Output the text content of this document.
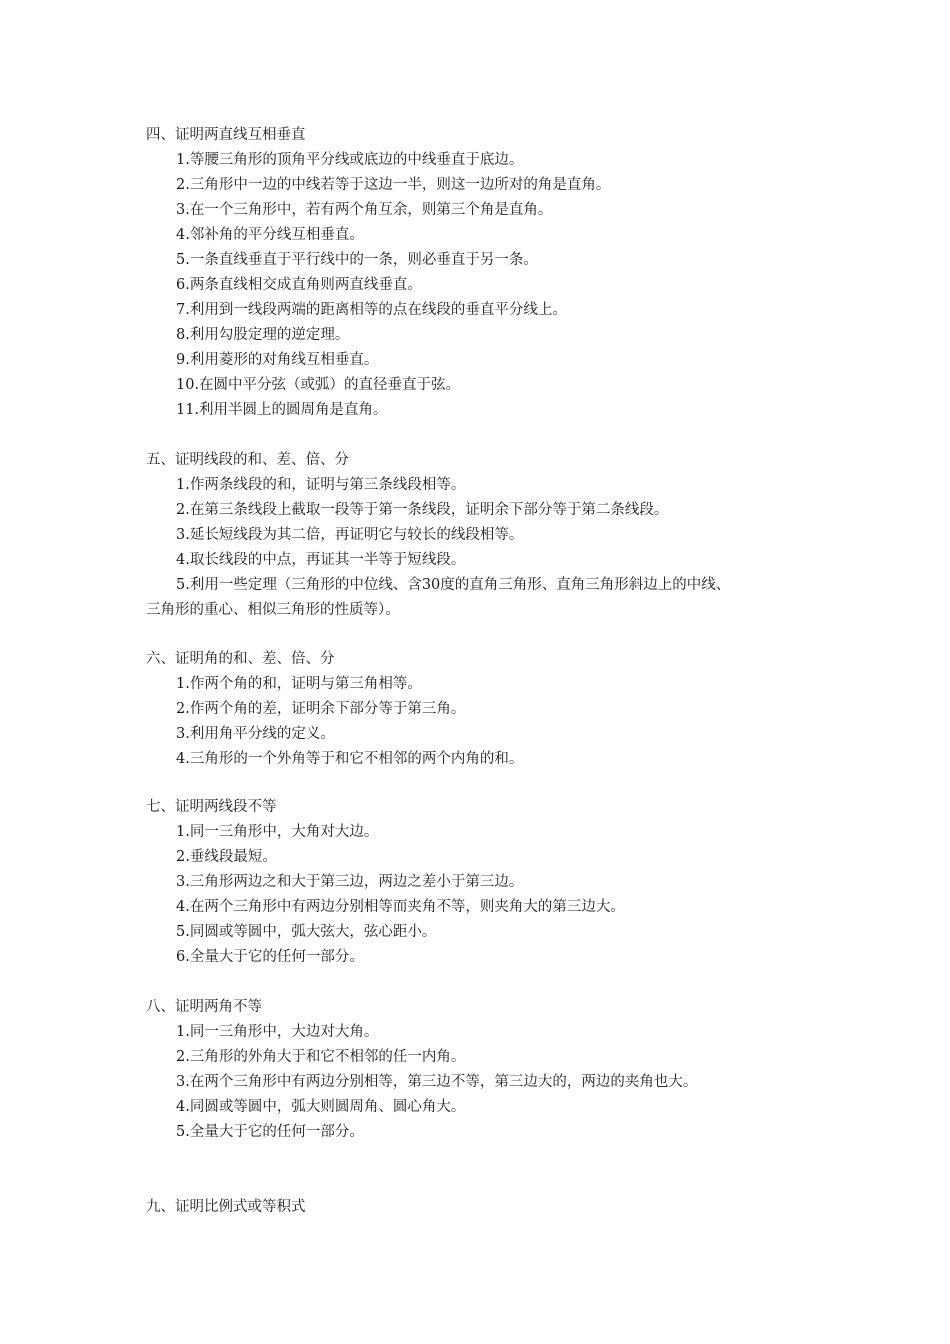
四、证明两直线互相垂直
1.等腰三角形的顶角平分线或底边的中线垂直于底边。
2.三角形中一边的中线若等于这边一半，则这一边所对的角是直角。
3.在一个三角形中，若有两个角互余，则第三个角是直角。
4.邻补角的平分线互相垂直。
5.一条直线垂直于平行线中的一条，则必垂直于另一条。
6.两条直线相交成直角则两直线垂直。
7.利用到一线段两端的距离相等的点在线段的垂直平分线上。
8.利用勾股定理的逆定理。
9.利用菱形的对角线互相垂直。
10.在圆中平分弦（或弧）的直径垂直于弦。
11.利用半圆上的圆周角是直角。
五、证明线段的和、差、倍、分
1.作两条线段的和，证明与第三条线段相等。
2.在第三条线段上截取一段等于第一条线段，证明余下部分等于第二条线段。
3.延长短线段为其二倍，再证明它与较长的线段相等。
4.取长线段的中点，再证其一半等于短线段。
5.利用一些定理（三角形的中位线、含30度的直角三角形、直角三角形斜边上的中线、
三角形的重心、相似三角形的性质等）。
六、证明角的和、差、倍、分
1.作两个角的和，证明与第三角相等。
2.作两个角的差，证明余下部分等于第三角。
3.利用角平分线的定义。
4.三角形的一个外角等于和它不相邻的两个内角的和。
七、证明两线段不等
1.同一三角形中，大角对大边。
2.垂线段最短。
3.三角形两边之和大于第三边，两边之差小于第三边。
4.在两个三角形中有两边分别相等而夹角不等，则夹角大的第三边大。
5.同圆或等圆中，弧大弦大，弦心距小。
6.全量大于它的任何一部分。
八、证明两角不等
1.同一三角形中，大边对大角。
2.三角形的外角大于和它不相邻的任一内角。
3.在两个三角形中有两边分别相等，第三边不等，第三边大的，两边的夹角也大。
4.同圆或等圆中，弧大则圆周角、圆心角大。
5.全量大于它的任何一部分。
九、证明比例式或等积式
